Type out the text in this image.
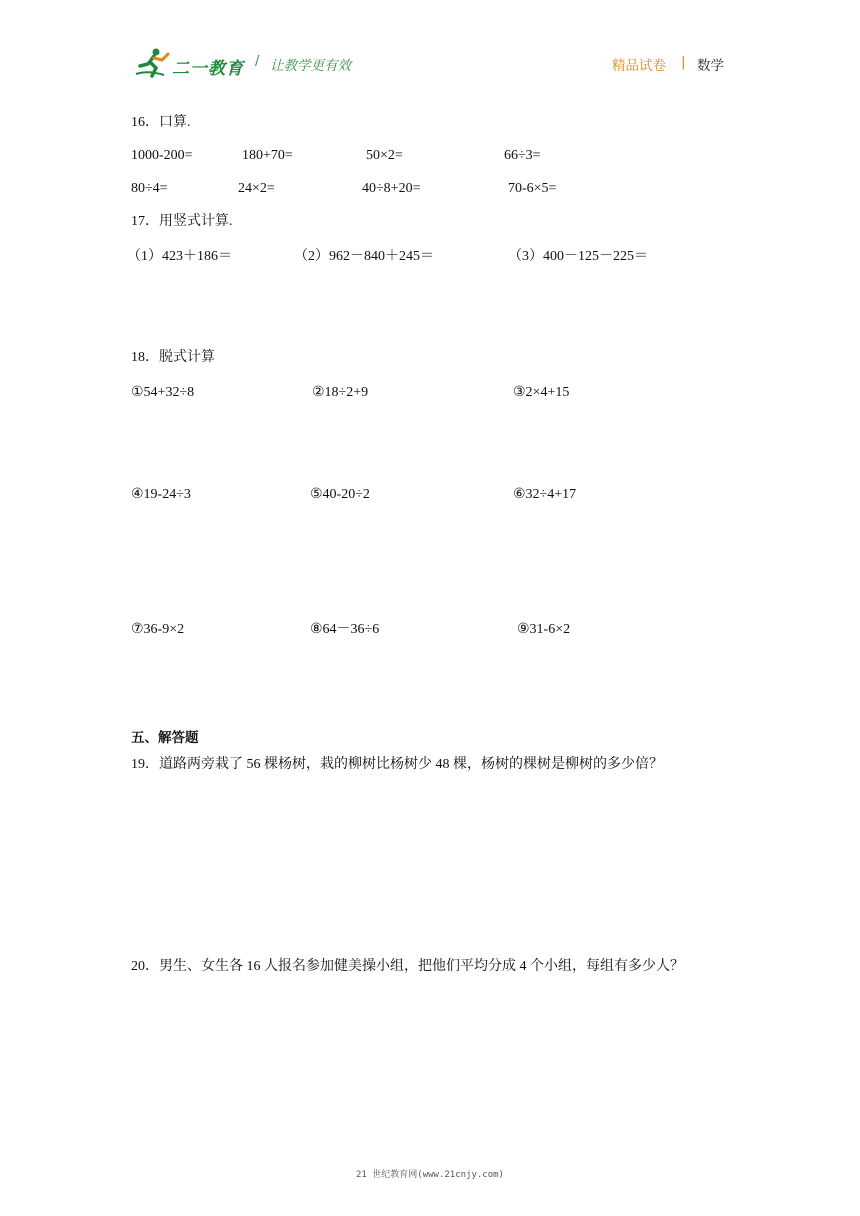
二一教育 / 让教学更有效	精品试卷 | 数学
16．口算.
1000-200=	180+70=	50×2=	66÷3=
80÷4=	24×2=	40÷8+20=	70-6×5=
17．用竖式计算.
（1）423＋186＝	（2）962－840＋245＝	（3）400－125－225＝
18．脱式计算
①54+32÷8	②18÷2+9	③2×4+15
④19-24÷3	⑤40-20÷2	⑥32÷4+17
⑦36-9×2	⑧64－36÷6	⑨31-6×2
五、解答题
19．道路两旁栽了 56 棵杨树，栽的柳树比杨树少 48 棵，杨树的棵树是柳树的多少倍？
20．男生、女生各 16 人报名参加健美操小组，把他们平均分成 4 个小组，每组有多少人？
21 世纪教育网(www.21cnjy.com)
